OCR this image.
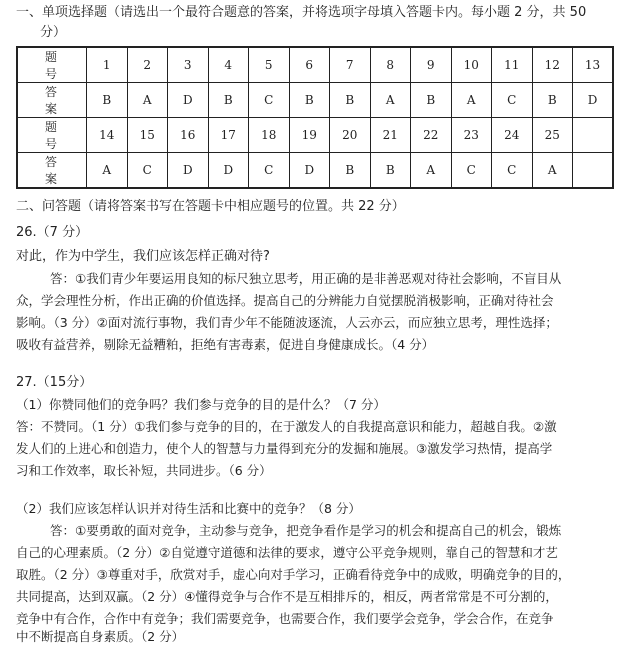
一、单项选择题（请选出一个最符合题意的答案，并将选项字母填入答题卡内。每小题 2 分，共 50
分）
题 号	1	2	3	4	5	6	7	8	9	10	11	12	13
答 案	B	A	D	B	C	B	B	A	B	A	C	B	D
题 号	14	15	16	17	18	19	20	21	22	23	24	25	
答 案	A	C	D	D	C	D	B	B	A	C	C	A	
二、问答题（请将答案书写在答题卡中相应题号的位置。共 22 分）
26.（7 分）
对此，作为中学生，我们应该怎样正确对待?
答：①我们青少年要运用良知的标尺独立思考，用正确的是非善恶观对待社会影响，不盲目从
众，学会理性分析，作出正确的价值选择。提高自己的分辨能力自觉摆脱消极影响，正确对待社会
影响。（3 分）②面对流行事物，我们青少年不能随波逐流，人云亦云，而应独立思考，理性选择；
吸收有益营养，剔除无益糟粕，拒绝有害毒素，促进自身健康成长。（4 分）
27.（15分）
（1）你赞同他们的竞争吗？我们参与竞争的目的是什么？（7 分）
答：不赞同。（1 分）①我们参与竞争的目的，在于激发人的自我提高意识和能力，超越自我。②激
发人们的上进心和创造力，使个人的智慧与力量得到充分的发掘和施展。③激发学习热情，提高学
习和工作效率，取长补短，共同进步。（6 分）
（2）我们应该怎样认识并对待生活和比赛中的竞争？（8 分）
答：①要勇敢的面对竞争，主动参与竞争，把竞争看作是学习的机会和提高自己的机会，锻炼
自己的心理素质。（2 分）②自觉遵守道德和法律的要求，遵守公平竞争规则，靠自己的智慧和才艺
取胜。（2 分）③尊重对手，欣赏对手，虚心向对手学习，正确看待竞争中的成败，明确竞争的目的，
共同提高，达到双赢。（2 分）④懂得竞争与合作不是互相排斥的，相反，两者常常是不可分割的，
竞争中有合作，合作中有竞争；我们需要竞争，也需要合作，我们要学会竞争，学会合作，在竞争
中不断提高自身素质。（2 分）
